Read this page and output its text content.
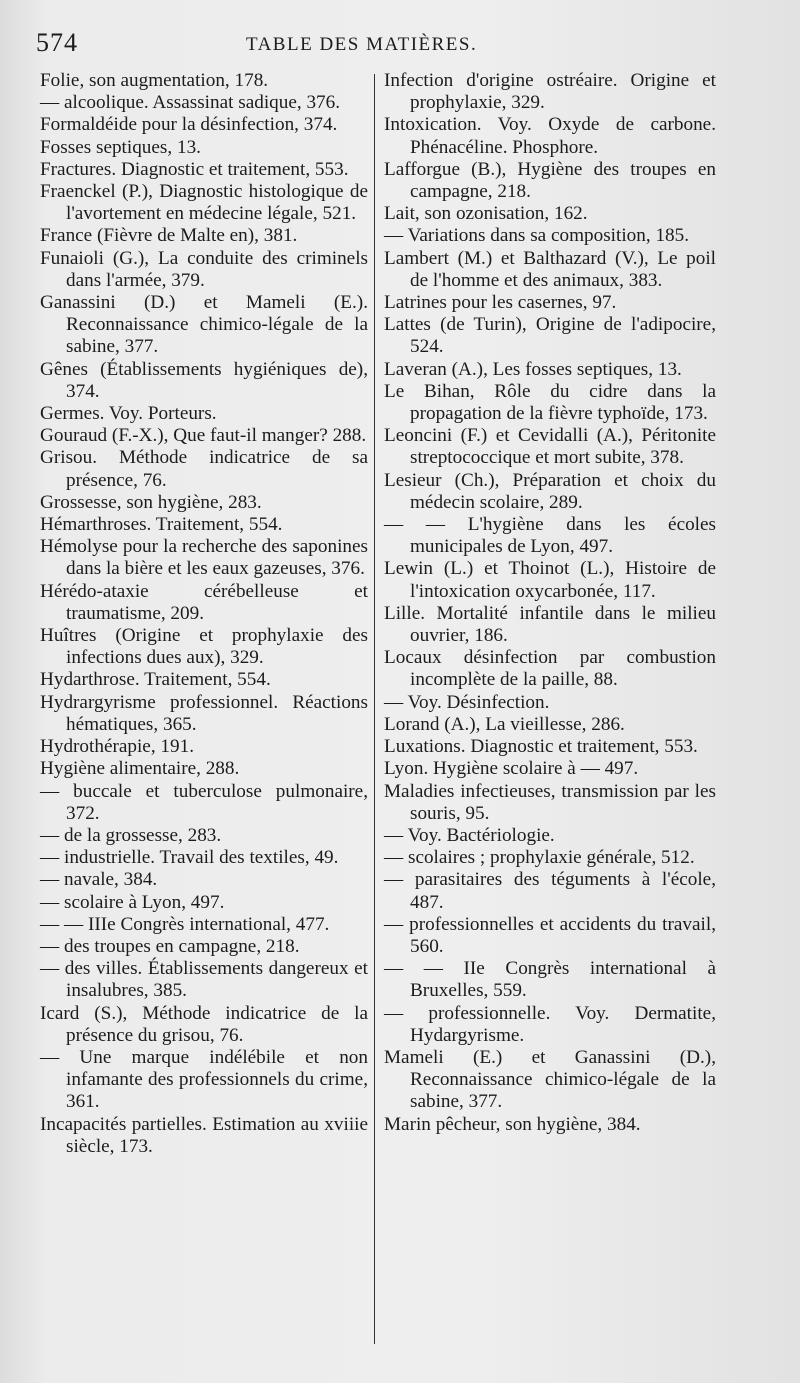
574	TABLE DES MATIÈRES.

Folie, son augmentation, 178.

— alcoolique. Assassinat sadique, 376.

Formaldéide pour la désinfection, 374.

Fosses septiques, 13.

Fractures. Diagnostic et traitement, 553.

Fraenckel (P.), Diagnostic histologique de l'avortement en médecine légale, 521.

France (Fièvre de Malte en), 381.

Funaioli (G.), La conduite des criminels dans l'armée, 379.

Ganassini (D.) et Mameli (E.). Reconnaissance chimico-légale de la sabine, 377.

Gênes (Établissements hygiéniques de), 374.

Germes. Voy. Porteurs.

Gouraud (F.-X.), Que faut-il manger? 288.

Grisou. Méthode indicatrice de sa présence, 76.

Grossesse, son hygiène, 283.

Hémarthroses. Traitement, 554.

Hémolyse pour la recherche des saponines dans la bière et les eaux gazeuses, 376.

Hérédo-ataxie cérébelleuse et traumatisme, 209.

Huîtres (Origine et prophylaxie des infections dues aux), 329.

Hydarthrose. Traitement, 554.

Hydrargyrisme professionnel. Réactions hématiques, 365.

Hydrothérapie, 191.

Hygiène alimentaire, 288.

— buccale et tuberculose pulmonaire, 372.

— de la grossesse, 283.

— industrielle. Travail des textiles, 49.

— navale, 384.

— scolaire à Lyon, 497.

— — IIIe Congrès international, 477.

— des troupes en campagne, 218.

— des villes. Établissements dangereux et insalubres, 385.

Icard (S.), Méthode indicatrice de la présence du grisou, 76.

— Une marque indélébile et non infamante des professionnels du crime, 361.

Incapacités partielles. Estimation au xviiie siècle, 173.

Infection d'origine ostréaire. Origine et prophylaxie, 329.

Intoxication. Voy. Oxyde de carbone. Phénacéline. Phosphore.

Lafforgue (B.), Hygiène des troupes en campagne, 218.

Lait, son ozonisation, 162.

— Variations dans sa composition, 185.

Lambert (M.) et Balthazard (V.), Le poil de l'homme et des animaux, 383.

Latrines pour les casernes, 97.

Lattes (de Turin), Origine de l'adipocire, 524.

Laveran (A.), Les fosses septiques, 13.

Le Bihan, Rôle du cidre dans la propagation de la fièvre typhoïde, 173.

Leoncini (F.) et Cevidalli (A.), Péritonite streptococcique et mort subite, 378.

Lesieur (Ch.), Préparation et choix du médecin scolaire, 289.

— — L'hygiène dans les écoles municipales de Lyon, 497.

Lewin (L.) et Thoinot (L.), Histoire de l'intoxication oxycarbonée, 117.

Lille. Mortalité infantile dans le milieu ouvrier, 186.

Locaux désinfection par combustion incomplète de la paille, 88.

— Voy. Désinfection.

Lorand (A.), La vieillesse, 286.

Luxations. Diagnostic et traitement, 553.

Lyon. Hygiène scolaire à — 497.

Maladies infectieuses, transmission par les souris, 95.

— Voy. Bactériologie.

— scolaires ; prophylaxie générale, 512.

— parasitaires des téguments à l'école, 487.

— professionnelles et accidents du travail, 560.

— — IIe Congrès international à Bruxelles, 559.

— professionnelle. Voy. Dermatite, Hydargyrisme.

Mameli (E.) et Ganassini (D.), Reconnaissance chimico-légale de la sabine, 377.

Marin pêcheur, son hygiène, 384.
